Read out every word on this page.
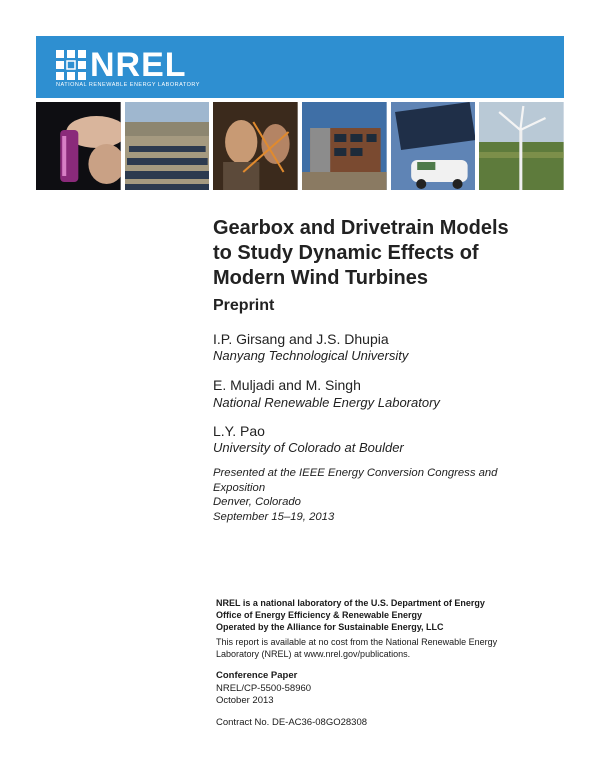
NREL
NATIONAL RENEWABLE ENERGY LABORATORY
Gearbox and Drivetrain Models
to Study Dynamic Effects of
Modern Wind Turbines
Preprint

I.P. Girsang and J.S. Dhupia

Nanyang Technological University

E. Muljadi and M. Singh

National Renewable Energy Laboratory

L.Y. Pao

University of Colorado at Boulder

Presented at the IEEE Energy Conversion Congress and
Exposition
Denver, Colorado
September 15–19, 2013
NREL is a national laboratory of the U.S. Department of Energy
Office of Energy Efficiency & Renewable Energy
Operated by the Alliance for Sustainable Energy, LLC
This report is available at no cost from the National Renewable Energy
Laboratory (NREL) at www.nrel.gov/publications.
Conference Paper
NREL/CP-5500-58960
October 2013
Contract No. DE-AC36-08GO28308
